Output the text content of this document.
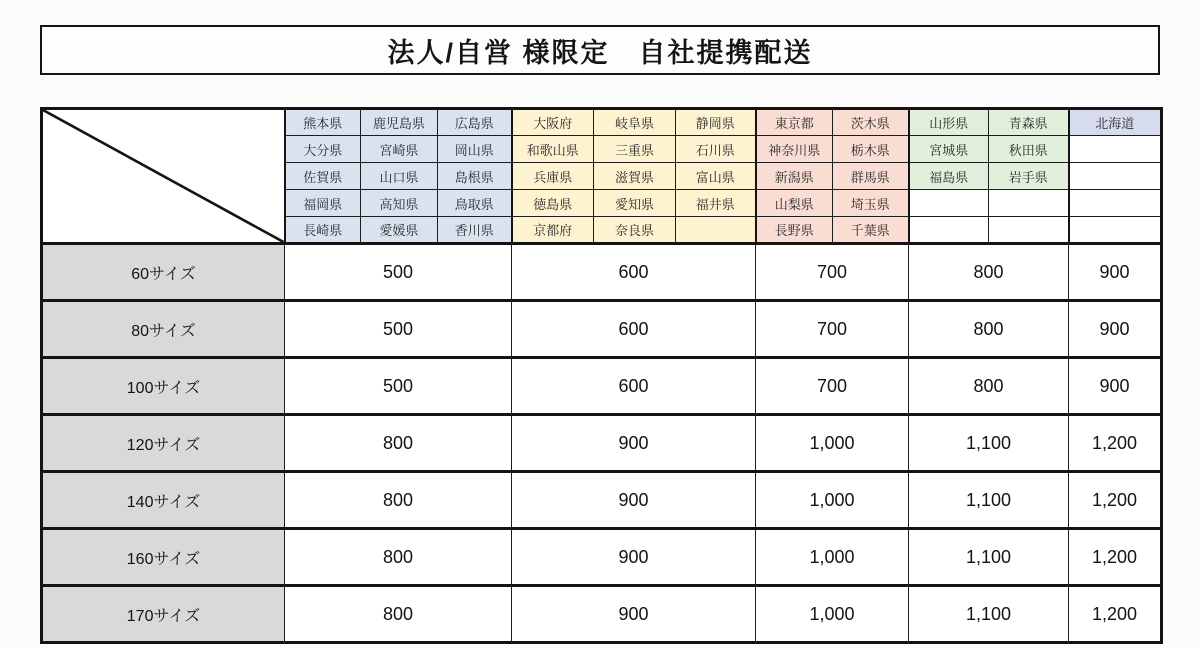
法人/自営 様限定　自社提携配送
	熊本県	鹿児島県	広島県	大阪府	岐阜県	静岡県	東京都	茨木県	山形県	青森県	北海道
	大分県	宮崎県	岡山県	和歌山県	三重県	石川県	神奈川県	栃木県	宮城県	秋田県	
	佐賀県	山口県	島根県	兵庫県	滋賀県	富山県	新潟県	群馬県	福島県	岩手県	
	福岡県	高知県	鳥取県	徳島県	愛知県	福井県	山梨県	埼玉県			
	長崎県	愛媛県	香川県	京都府	奈良県		長野県	千葉県			
60サイズ	500			600			700		800		900
80サイズ	500			600			700		800		900
100サイズ	500			600			700		800		900
120サイズ	800			900			1,000		1,100		1,200
140サイズ	800			900			1,000		1,100		1,200
160サイズ	800			900			1,000		1,100		1,200
170サイズ	800			900			1,000		1,100		1,200
